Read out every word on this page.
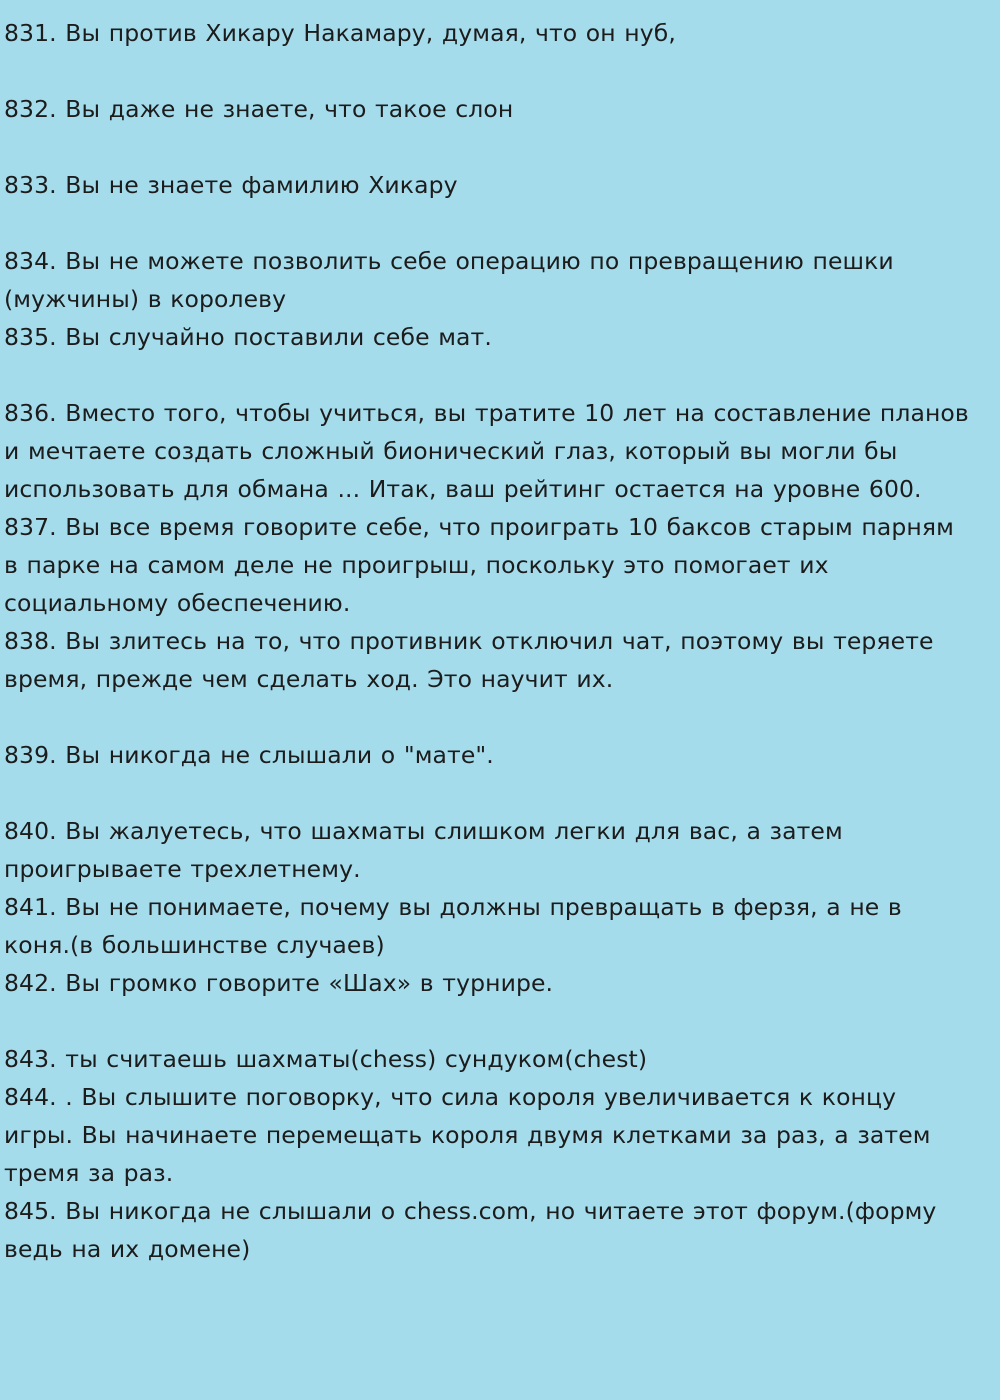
831. Вы против Хикару Накамару, думая, что он нуб,
832. Вы даже не знаете, что такое слон
833. Вы не знаете фамилию Хикару
834. Вы не можете позволить себе операцию по превращению пешки
(мужчины) в королеву
835. Вы случайно поставили себе мат.
836. Вместо того, чтобы учиться, вы тратите 10 лет на составление планов
и мечтаете создать сложный бионический глаз, который вы могли бы
использовать для обмана ... Итак, ваш рейтинг остается на уровне 600.
837. Вы все время говорите себе, что проиграть 10 баксов старым парням
в парке на самом деле не проигрыш, поскольку это помогает их
социальному обеспечению.
838. Вы злитесь на то, что противник отключил чат, поэтому вы теряете
время, прежде чем сделать ход. Это научит их.
839. Вы никогда не слышали о "мате".
840. Вы жалуетесь, что шахматы слишком легки для вас, а затем
проигрываете трехлетнему.
841. Вы не понимаете, почему вы должны превращать в ферзя, а не в
коня.(в большинстве случаев)
842. Вы громко говорите «Шах» в турнире.
843. ты считаешь шахматы(chess) сундуком(chest)
844. . Вы слышите поговорку, что сила короля увеличивается к концу
игры. Вы начинаете перемещать короля двумя клетками за раз, а затем
тремя за раз.
845. Вы никогда не слышали о chess.com, но читаете этот форум.(форму
ведь на их домене)
